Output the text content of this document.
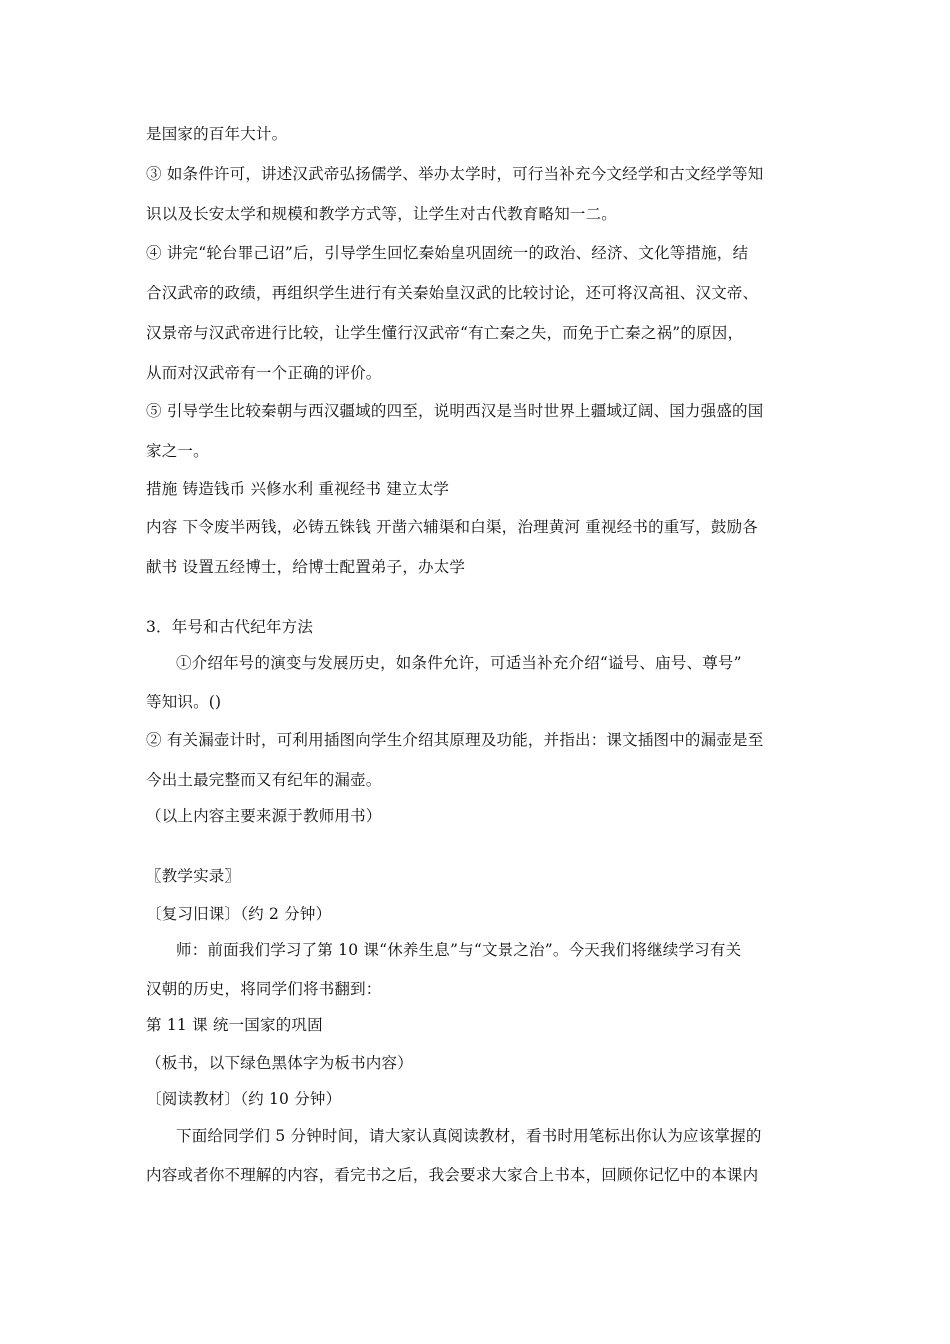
是国家的百年大计。
③ 如条件许可，讲述汉武帝弘扬儒学、举办太学时，可行当补充今文经学和古文经学等知
识以及长安太学和规模和教学方式等，让学生对古代教育略知一二。
④ 讲完“轮台罪己诏”后，引导学生回忆秦始皇巩固统一的政治、经济、文化等措施，结
合汉武帝的政绩，再组织学生进行有关秦始皇汉武的比较讨论，还可将汉高祖、汉文帝、
汉景帝与汉武帝进行比较，让学生懂行汉武帝“有亡秦之失，而免于亡秦之祸”的原因，
从而对汉武帝有一个正确的评价。
⑤ 引导学生比较秦朝与西汉疆域的四至，说明西汉是当时世界上疆域辽阔、国力强盛的国
家之一。
措施 铸造钱币 兴修水利 重视经书 建立太学
内容 下令废半两钱，必铸五铢钱 开凿六辅渠和白渠，治理黄河 重视经书的重写，鼓励各
献书 设置五经博士，给博士配置弟子，办太学
3．年号和古代纪年方法
①介绍年号的演变与发展历史，如条件允许，可适当补充介绍“谥号、庙号、尊号”
等知识。()
② 有关漏壶计时，可利用插图向学生介绍其原理及功能，并指出：课文插图中的漏壶是至
今出土最完整而又有纪年的漏壶。
（以上内容主要来源于教师用书）
〖教学实录〗
〔复习旧课〕（约 2 分钟）
师：前面我们学习了第 10 课“休养生息”与“文景之治”。今天我们将继续学习有关
汉朝的历史，将同学们将书翻到：
第 11 课 统一国家的巩固
（板书，以下绿色黑体字为板书内容）
〔阅读教材〕（约 10 分钟）
下面给同学们 5 分钟时间，请大家认真阅读教材，看书时用笔标出你认为应该掌握的
内容或者你不理解的内容，看完书之后，我会要求大家合上书本，回顾你记忆中的本课内
